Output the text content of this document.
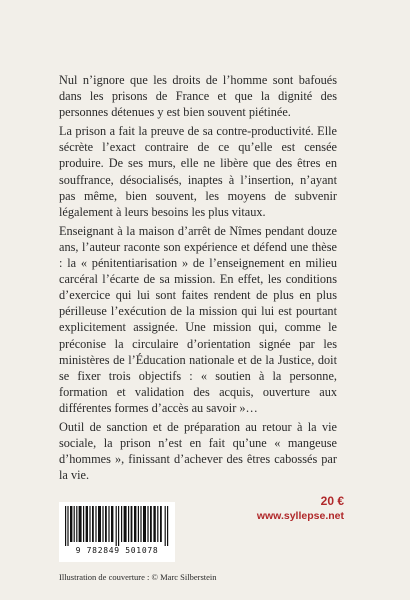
Nul n’ignore que les droits de l’homme sont bafoués dans les prisons de France et que la dignité des personnes détenues y est bien souvent piétinée.

La prison a fait la preuve de sa contre-productivité. Elle sécrète l’exact contraire de ce qu’elle est censée produire. De ses murs, elle ne libère que des êtres en souffrance, désocialisés, inaptes à l’insertion, n’ayant pas même, bien souvent, les moyens de subvenir légalement à leurs besoins les plus vitaux.

Enseignant à la maison d’arrêt de Nîmes pendant douze ans, l’auteur raconte son expérience et défend une thèse : la « pénitentiarisation » de l’enseignement en milieu carcéral l’écarte de sa mission. En effet, les conditions d’exercice qui lui sont faites rendent de plus en plus périlleuse l’exécution de la mission qui lui est pourtant explicitement assignée. Une mission qui, comme le préconise la circulaire d’orientation signée par les ministères de l’Éducation nationale et de la Justice, doit se fixer trois objectifs : « soutien à la personne, formation et validation des acquis, ouverture aux différentes formes d’accès au savoir »…

Outil de sanction et de préparation au retour à la vie sociale, la prison n’est en fait qu’une « mangeuse d’hommes », finissant d’achever des êtres cabossés par la vie.

20 €
www.syllepse.net
9 782849 501078
Illustration de couverture : © Marc Silberstein
